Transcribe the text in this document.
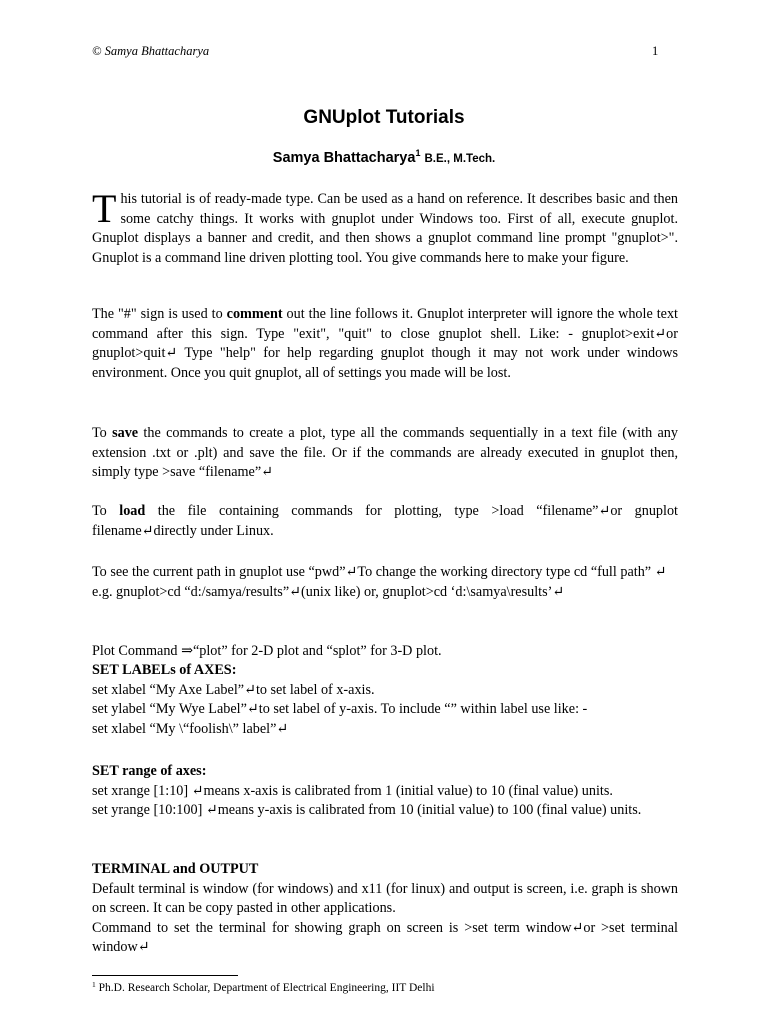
© Samya Bhattacharya	1
GNUplot Tutorials
Samya Bhattacharya$^1$ B.E., M.Tech.

This tutorial is of ready-made type. Can be used as a hand on reference. It describes basic and then some catchy things. It works with gnuplot under Windows too. First of all, execute gnuplot. Gnuplot displays a banner and credit, and then shows a gnuplot command line prompt "gnuplot>". Gnuplot is a command line driven plotting tool. You give commands here to make your figure.

The "#" sign is used to comment out the line follows it. Gnuplot interpreter will ignore the whole text command after this sign. Type "exit", "quit" to close gnuplot shell. Like: - gnuplot>exit↵or gnuplot>quit↵ Type "help" for help regarding gnuplot though it may not work under windows environment. Once you quit gnuplot, all of settings you made will be lost.

To save the commands to create a plot, type all the commands sequentially in a text file (with any extension .txt or .plt) and save the file. Or if the commands are already executed in gnuplot then, simply type >save “filename”↵

To load the file containing commands for plotting, type >load “filename”↵or gnuplot filename↵directly under Linux.

To see the current path in gnuplot use “pwd”↵To change the working directory type cd “full path” ↵
e.g. gnuplot>cd “d:/samya/results”↵(unix like) or, gnuplot>cd ‘d:\samya\results’↵

Plot Command ⇒“plot” for 2-D plot and “splot” for 3-D plot.

SET LABELs of AXES:
set xlabel “My Axe Label”↵to set label of x-axis.
set ylabel “My Wye Label”↵to set label of y-axis. To include “” within label use like: -
set xlabel “My \“foolish\” label”↵
SET range of axes:
set xrange [1:10] ↵means x-axis is calibrated from 1 (initial value) to 10 (final value) units.
set yrange [10:100] ↵means y-axis is calibrated from 10 (initial value) to 100 (final value) units.
TERMINAL and OUTPUT
Default terminal is window (for windows) and x11 (for linux) and output is screen, i.e. graph is shown on screen. It can be copy pasted in other applications.
Command to set the terminal for showing graph on screen is >set term window↵or >set terminal window↵
$^1$ Ph.D. Research Scholar, Department of Electrical Engineering, IIT Delhi
